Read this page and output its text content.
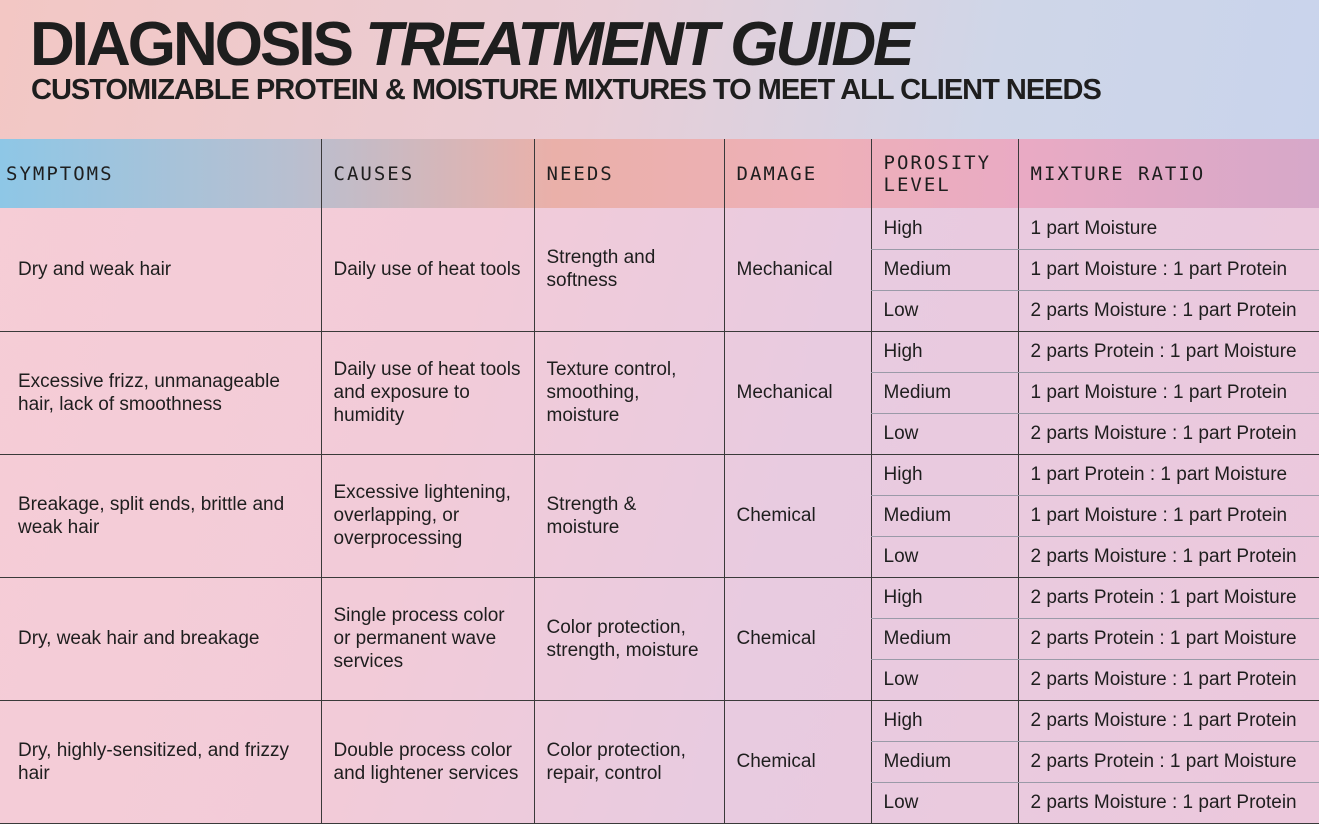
DIAGNOSIS TREATMENT GUIDE
CUSTOMIZABLE PROTEIN & MOISTURE MIXTURES TO MEET ALL CLIENT NEEDS
SYMPTOMS	CAUSES	NEEDS	DAMAGE	POROSITY LEVEL	MIXTURE RATIO
Dry and weak hair	Daily use of heat tools	Strength and softness	Mechanical	High	1 part Moisture
				Medium	1 part Moisture : 1 part Protein
				Low	2 parts Moisture : 1 part Protein
Excessive frizz, unmanageable hair, lack of smoothness	Daily use of heat tools and exposure to humidity	Texture control, smoothing, moisture	Mechanical	High	2 parts Protein : 1 part Moisture
				Medium	1 part Moisture : 1 part Protein
				Low	2 parts Moisture : 1 part Protein
Breakage, split ends, brittle and weak hair	Excessive lightening, overlapping, or overprocessing	Strength & moisture	Chemical	High	1 part Protein : 1 part Moisture
				Medium	1 part Moisture : 1 part Protein
				Low	2 parts Moisture : 1 part Protein
Dry, weak hair and breakage	Single process color or permanent wave services	Color protection, strength, moisture	Chemical	High	2 parts Protein : 1 part Moisture
				Medium	2 parts Protein : 1 part Moisture
				Low	2 parts Moisture : 1 part Protein
Dry, highly-sensitized, and frizzy hair	Double process color and lightener services	Color protection, repair, control	Chemical	High	2 parts Moisture : 1 part Protein
				Medium	2 parts Protein : 1 part Moisture
				Low	2 parts Moisture : 1 part Protein
